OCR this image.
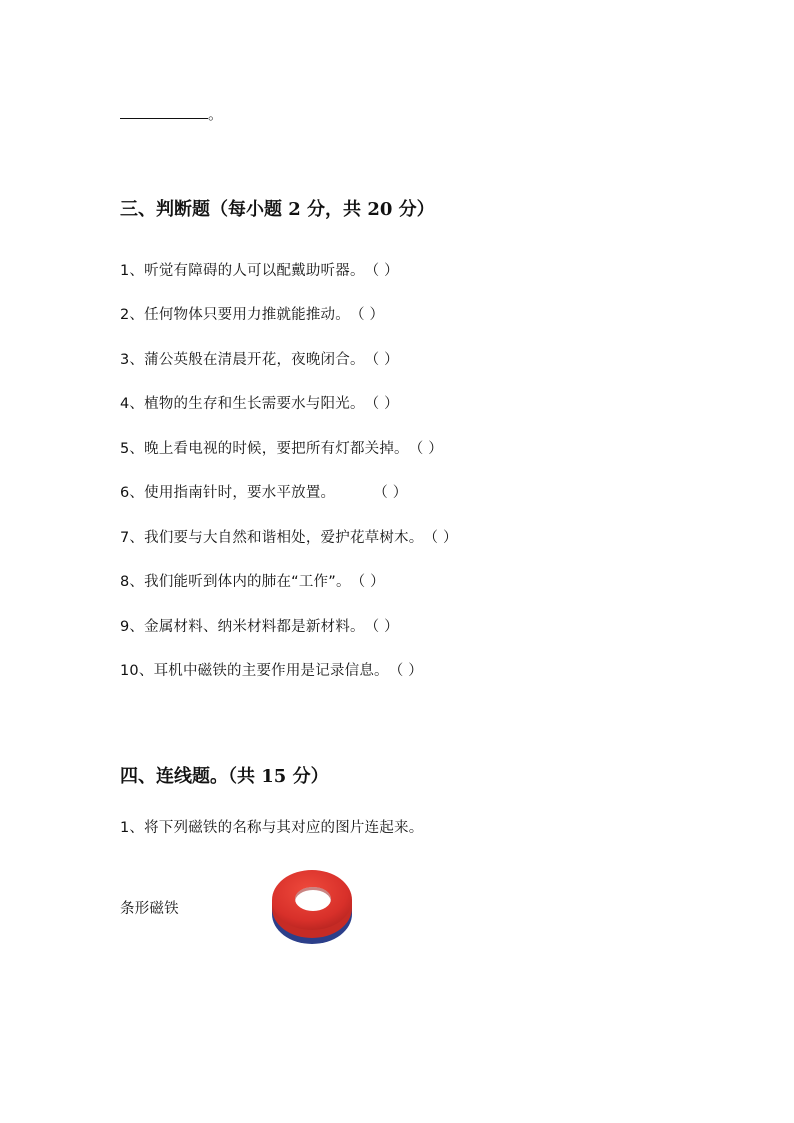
。
三、判断题（每小题 2 分，共 20 分）
1、听觉有障碍的人可以配戴助听器。（ ）
2、任何物体只要用力推就能推动。（ ）
3、蒲公英般在清晨开花，夜晚闭合。（ ）
4、植物的生存和生长需要水与阳光。（ ）
5、晚上看电视的时候，要把所有灯都关掉。（ ）
6、使用指南针时，要水平放置。	（ ）
7、我们要与大自然和谐相处，爱护花草树木。（ ）
8、我们能听到体内的肺在“工作”。（ ）
9、金属材料、纳米材料都是新材料。（ ）
10、耳机中磁铁的主要作用是记录信息。（ ）
四、连线题。（共 15 分）
1、将下列磁铁的名称与其对应的图片连起来。
条形磁铁
